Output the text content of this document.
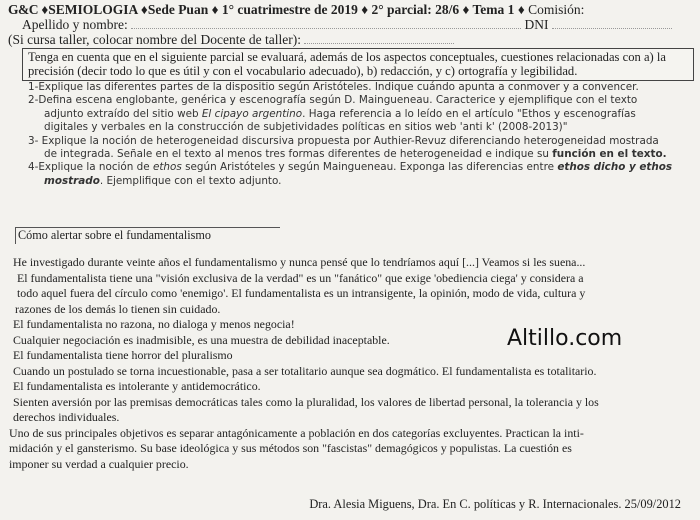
G&C ♦SEMIOLOGIA ♦Sede Puan ♦ 1° cuatrimestre de 2019 ♦ 2° parcial: 28/6 ♦ Tema 1 ♦ Comisión:
Apellido y nombre:	DNI
(Si cursa taller, colocar nombre del Docente de taller):
Tenga en cuenta que en el siguiente parcial se evaluará, además de los aspectos conceptuales, cuestiones relacionadas con a) la precisión (decir todo lo que es útil y con el vocabulario adecuado), b) redacción, y c) ortografía y legibilidad.

1-Explique las diferentes partes de la dispositio según Aristóteles. Indique cuándo apunta a conmover y a convencer.

2-Defina escena englobante, genérica y escenografía según D. Maingueneau. Caracterice y ejemplifique con el texto

adjunto extraído del sitio web El cipayo argentino. Haga referencia a lo leído en el artículo "Ethos y escenografías

digitales y verbales en la construcción de subjetividades políticas en sitios web 'anti k' (2008-2013)"

3- Explique la noción de heterogeneidad discursiva propuesta por Authier-Revuz diferenciando heterogeneidad mostrada

de integrada. Señale en el texto al menos tres formas diferentes de heterogeneidad e indique su función en el texto.

4-Explique la noción de ethos según Aristóteles y según Maingueneau. Exponga las diferencias entre ethos dicho y ethos

mostrado. Ejemplifique con el texto adjunto.

Cómo alertar sobre el fundamentalismo

He investigado durante veinte años el fundamentalismo y nunca pensé que lo tendríamos aquí [...] Veamos si les suena...

El fundamentalista tiene una "visión exclusiva de la verdad" es un "fanático" que exige 'obediencia ciega' y considera a

todo aquel fuera del círculo como 'enemigo'. El fundamentalista es un intransigente, la opinión, modo de vida, cultura y

razones de los demás lo tienen sin cuidado.

El fundamentalista no razona, no dialoga y menos negocia!

Cualquier negociación es inadmisible, es una muestra de debilidad inaceptable.

El fundamentalista tiene horror del pluralismo

Cuando un postulado se torna incuestionable, pasa a ser totalitario aunque sea dogmático. El fundamentalista es totalitario.

El fundamentalista es intolerante y antidemocrático.

Sienten aversión por las premisas democráticas tales como la pluralidad, los valores de libertad personal, la tolerancia y los

derechos individuales.

Uno de sus principales objetivos es separar antagónicamente a población en dos categorías excluyentes. Practican la inti-

midación y el gansterismo. Su base ideológica y sus métodos son "fascistas" demagógicos y populistas. La cuestión es

imponer su verdad a cualquier precio.

Dra. Alesia Miguens, Dra. En C. políticas y R. Internacionales. 25/09/2012
Altillo.com
